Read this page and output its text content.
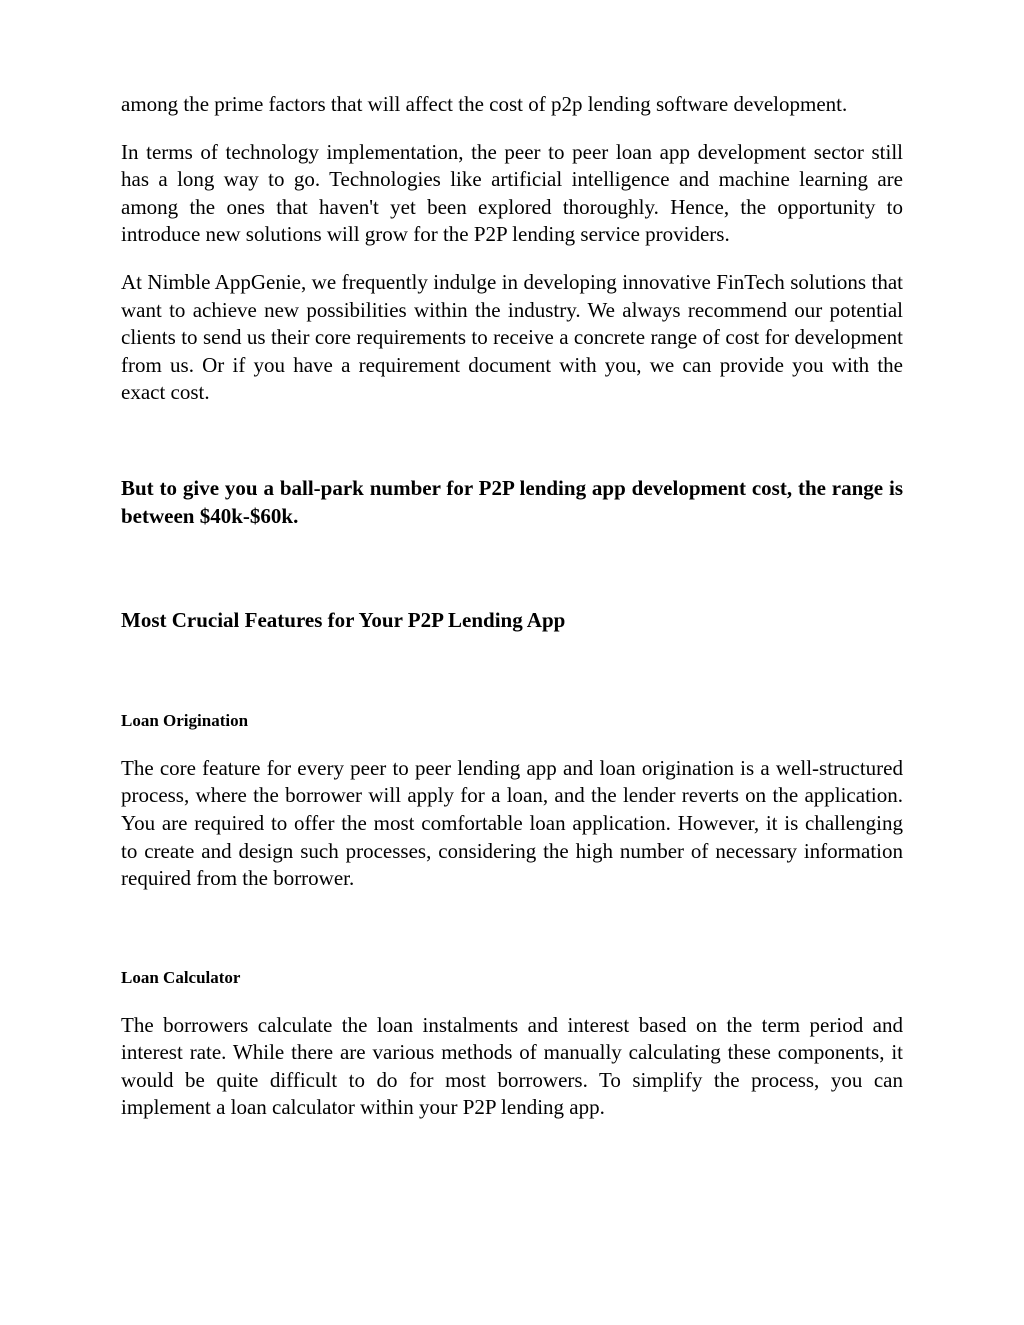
among the prime factors that will affect the cost of p2p lending software development.

In terms of technology implementation, the peer to peer loan app development sector still has a long way to go. Technologies like artificial intelligence and machine learning are among the ones that haven't yet been explored thoroughly. Hence, the opportunity to introduce new solutions will grow for the P2P lending service providers.

At Nimble AppGenie, we frequently indulge in developing innovative FinTech solutions that want to achieve new possibilities within the industry. We always recommend our potential clients to send us their core requirements to receive a concrete range of cost for development from us. Or if you have a requirement document with you, we can provide you with the exact cost.

But to give you a ball-park number for P2P lending app development cost, the range is between $40k-$60k.

Most Crucial Features for Your P2P Lending App
Loan Origination

The core feature for every peer to peer lending app and loan origination is a well-structured process, where the borrower will apply for a loan, and the lender reverts on the application. You are required to offer the most comfortable loan application. However, it is challenging to create and design such processes, considering the high number of necessary information required from the borrower.

Loan Calculator

The borrowers calculate the loan instalments and interest based on the term period and interest rate. While there are various methods of manually calculating these components, it would be quite difficult to do for most borrowers. To simplify the process, you can implement a loan calculator within your P2P lending app.
